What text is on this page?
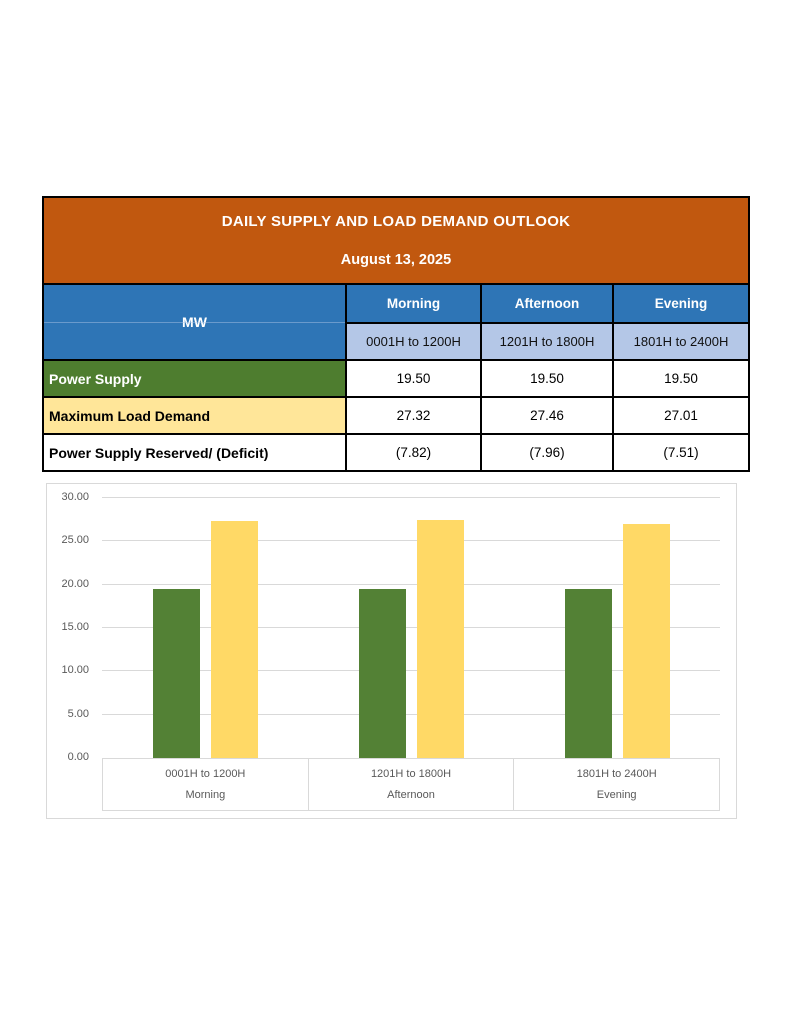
DAILY SUPPLY AND LOAD DEMAND OUTLOOK
August 13, 2025			

MW	Morning	Afternoon	Evening
	0001H to 1200H	1201H to 1800H	1801H to 2400H
Power Supply	19.50	19.50	19.50
Maximum Load Demand	27.32	27.46	27.01
Power Supply Reserved/ (Deficit)	(7.82)	(7.96)	(7.51)
0.00
5.00
10.00
15.00
20.00
25.00
30.00
0001H to 1200H
Morning
1201H to 1800H
Afternoon
1801H to 2400H
Evening
